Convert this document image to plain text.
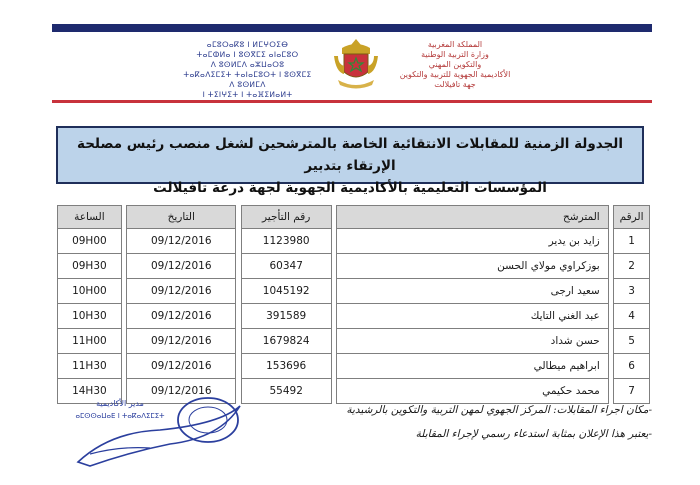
ⴰⵎⵓⵔⴰⴽⵓ ⵏ ⵍⵎⵖⵔⵉⴱ
ⵜⴰⵎⵀⵍⴰ ⵏ ⵓⵙⴳⵎⵉ ⴰⵏⴰⵎⵓⵔ
ⴷ ⵓⵙⵍⵎⴷ ⴰⵣⵡⴰⵔⵓ
ⵜⴰⴽⴰⴷⵉⵎⵉⵜ ⵜⴰⵏⴰⵎⵓⵔⵜ ⵏ ⵓⵙⴳⵎⵉ
ⴷ ⵓⵙⵍⵎⴷ
ⵏ ⵜⵉⵏⵖⵉⵜ ⵏ ⵜⴰⴼⵉⵍⴰⵍⵜ
المملكة المغربية
وزارة التربية الوطنية
والتكوين المهني
الأكاديمية الجهوية للتربية والتكوين
جهة تافيلالت
الجدولة الزمنية للمقابلات الانتقائية الخاصة بالمترشحين لشغل منصب رئيس مصلحة الإرتقاء بتدبير
المؤسسات التعليمية بالأكاديمية الجهوية لجهة درعة تافيلالت
الرقم		المترشح		رقم التأجير		التاريخ		الساعة
1		زايد بن يدير		1123980		09/12/2016		09H00
2		بوزكراوي مولاي الحسن		60347		09/12/2016		09H30
3		سعيد ارجى		1045192		09/12/2016		10H00
4		عبد الغني التايك		391589		09/12/2016		10H30
5		حسن شداد		1679824		09/12/2016		11H00
6		ابراهيم ميطالي		153696		09/12/2016		11H30
7		محمد حكيمي		55492		09/12/2016		14H30
-مكان اجراء المقابلات: المركز الجهوي لمهن التربية والتكوين بالرشيدية
-يعتبر هذا الإعلان بمثابة استدعاء رسمي لإجراء المقابلة
مدير الأكاديمية
ⴰⵎⵙⵙⴰⵡⴰⴹ ⵏ ⵜⴰⴽⴰⴷⵉⵎⵉⵜ
